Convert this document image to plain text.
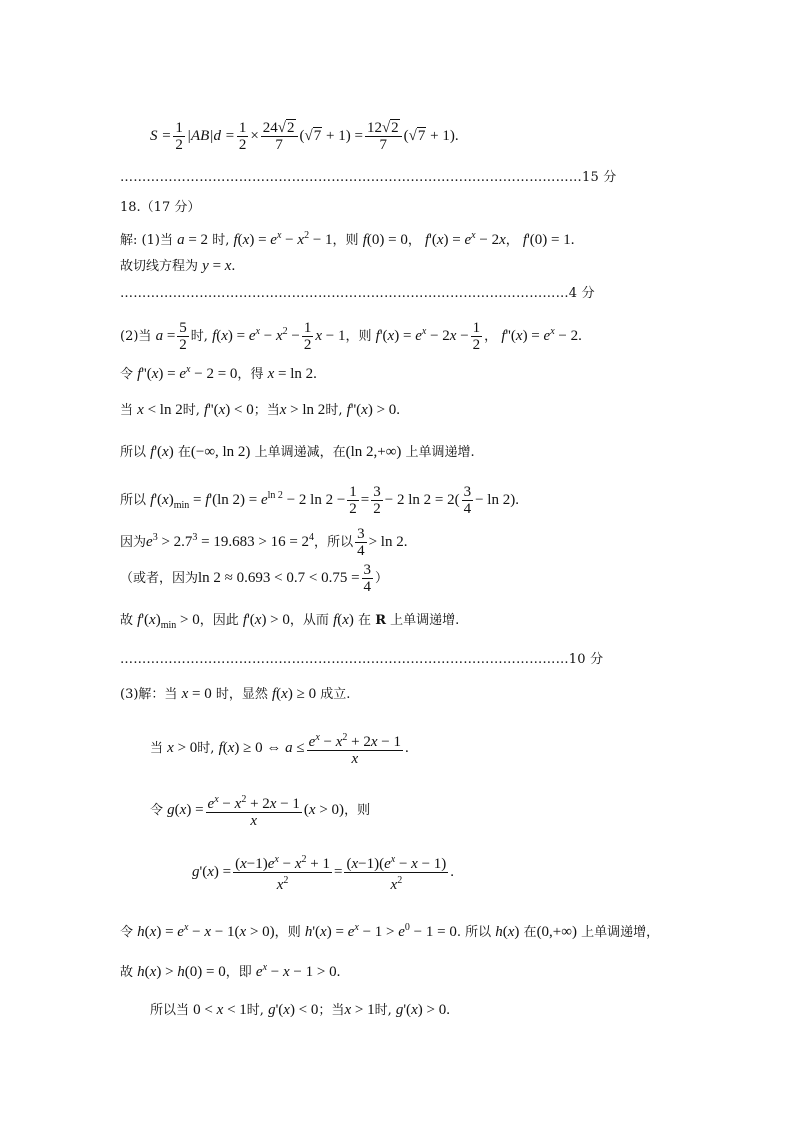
$S = \frac{1}{2} |AB|d = \frac{1}{2} \times \frac{24√2}{7} (√7 + 1) = \frac{12√2}{7} (√7 + 1)$.
……………………………………………………………………………………………15 分
18.（17 分）
解: (1)当 a = 2 时, $f(x) = e^x - x^2 - 1$，则 f(0) = 0， $f'(x) = e^x - 2x$， f'(0) = 1.
故切线方程为 y = x.
…………………………………………………………………………………………4 分
(2)当 $a = \frac{5}{2}$ 时, $f(x) = e^x - x^2 - \frac{1}{2}$ x − 1，则 $f'(x) = e^x - 2x - \frac{1}{2}$ ， $f''(x) = e^x - 2$.
令 $f''(x) = e^x - 2 = 0$，得 x = ln 2.
当 x < ln 2时, f''(x) < 0；当x > ln 2时, f''(x) > 0.
所以 f'(x) 在(−∞, ln 2) 上单调递减，在(ln 2,+∞) 上单调递增.
所以 $f'(x)_{min} = f'(\ln$ $2) = e^{ln 2} - 2$ $\ln 2 - \frac{1}{2} = \frac{3}{2} - 2$ $\ln 2 = 2( \frac{3}{4} - \ln 2)$.
因为$e^3 > 2.7^3 = 19.683 > 16 = 2^4$，所以 $\frac{3}{4} > \ln 2$.
（或者，因为$\ln 2 \approx 0.693 < 0.7 < 0.75 = \frac{3}{4}$ ）
故 $f'(x)_{min} > 0$，因此 f'(x) > 0，从而 f(x) 在 R 上单调递增.
…………………………………………………………………………………………10 分
(3)解：当 x = 0 时，显然 f(x) ≥ 0 成立.
当 x > 0时, f(x) ≥ 0 ⇔ $a \le \frac{e^x - x^2 + 2x - 1}{x}$ .
令 $g(x) = \frac{e^x - x^2 + 2x - 1}{x} (x > 0)$，则
$g'(x) = \frac{(x-1)e^x - x^2 + 1}{x^2} = \frac{(x-1)(e^x - x - 1)}{x^2}$ .
令 $h(x) = e^x - x - 1(x > 0)$，则 $h'(x) = e^x - 1 > e^0 - 1 = 0$. 所以 h(x) 在(0,+∞) 上单调递增，
故 h(x) > h(0) = 0，即 $e^x - x - 1 > 0$.
所以当 0 < x < 1时, g'(x) < 0；当x > 1时, g'(x) > 0.
